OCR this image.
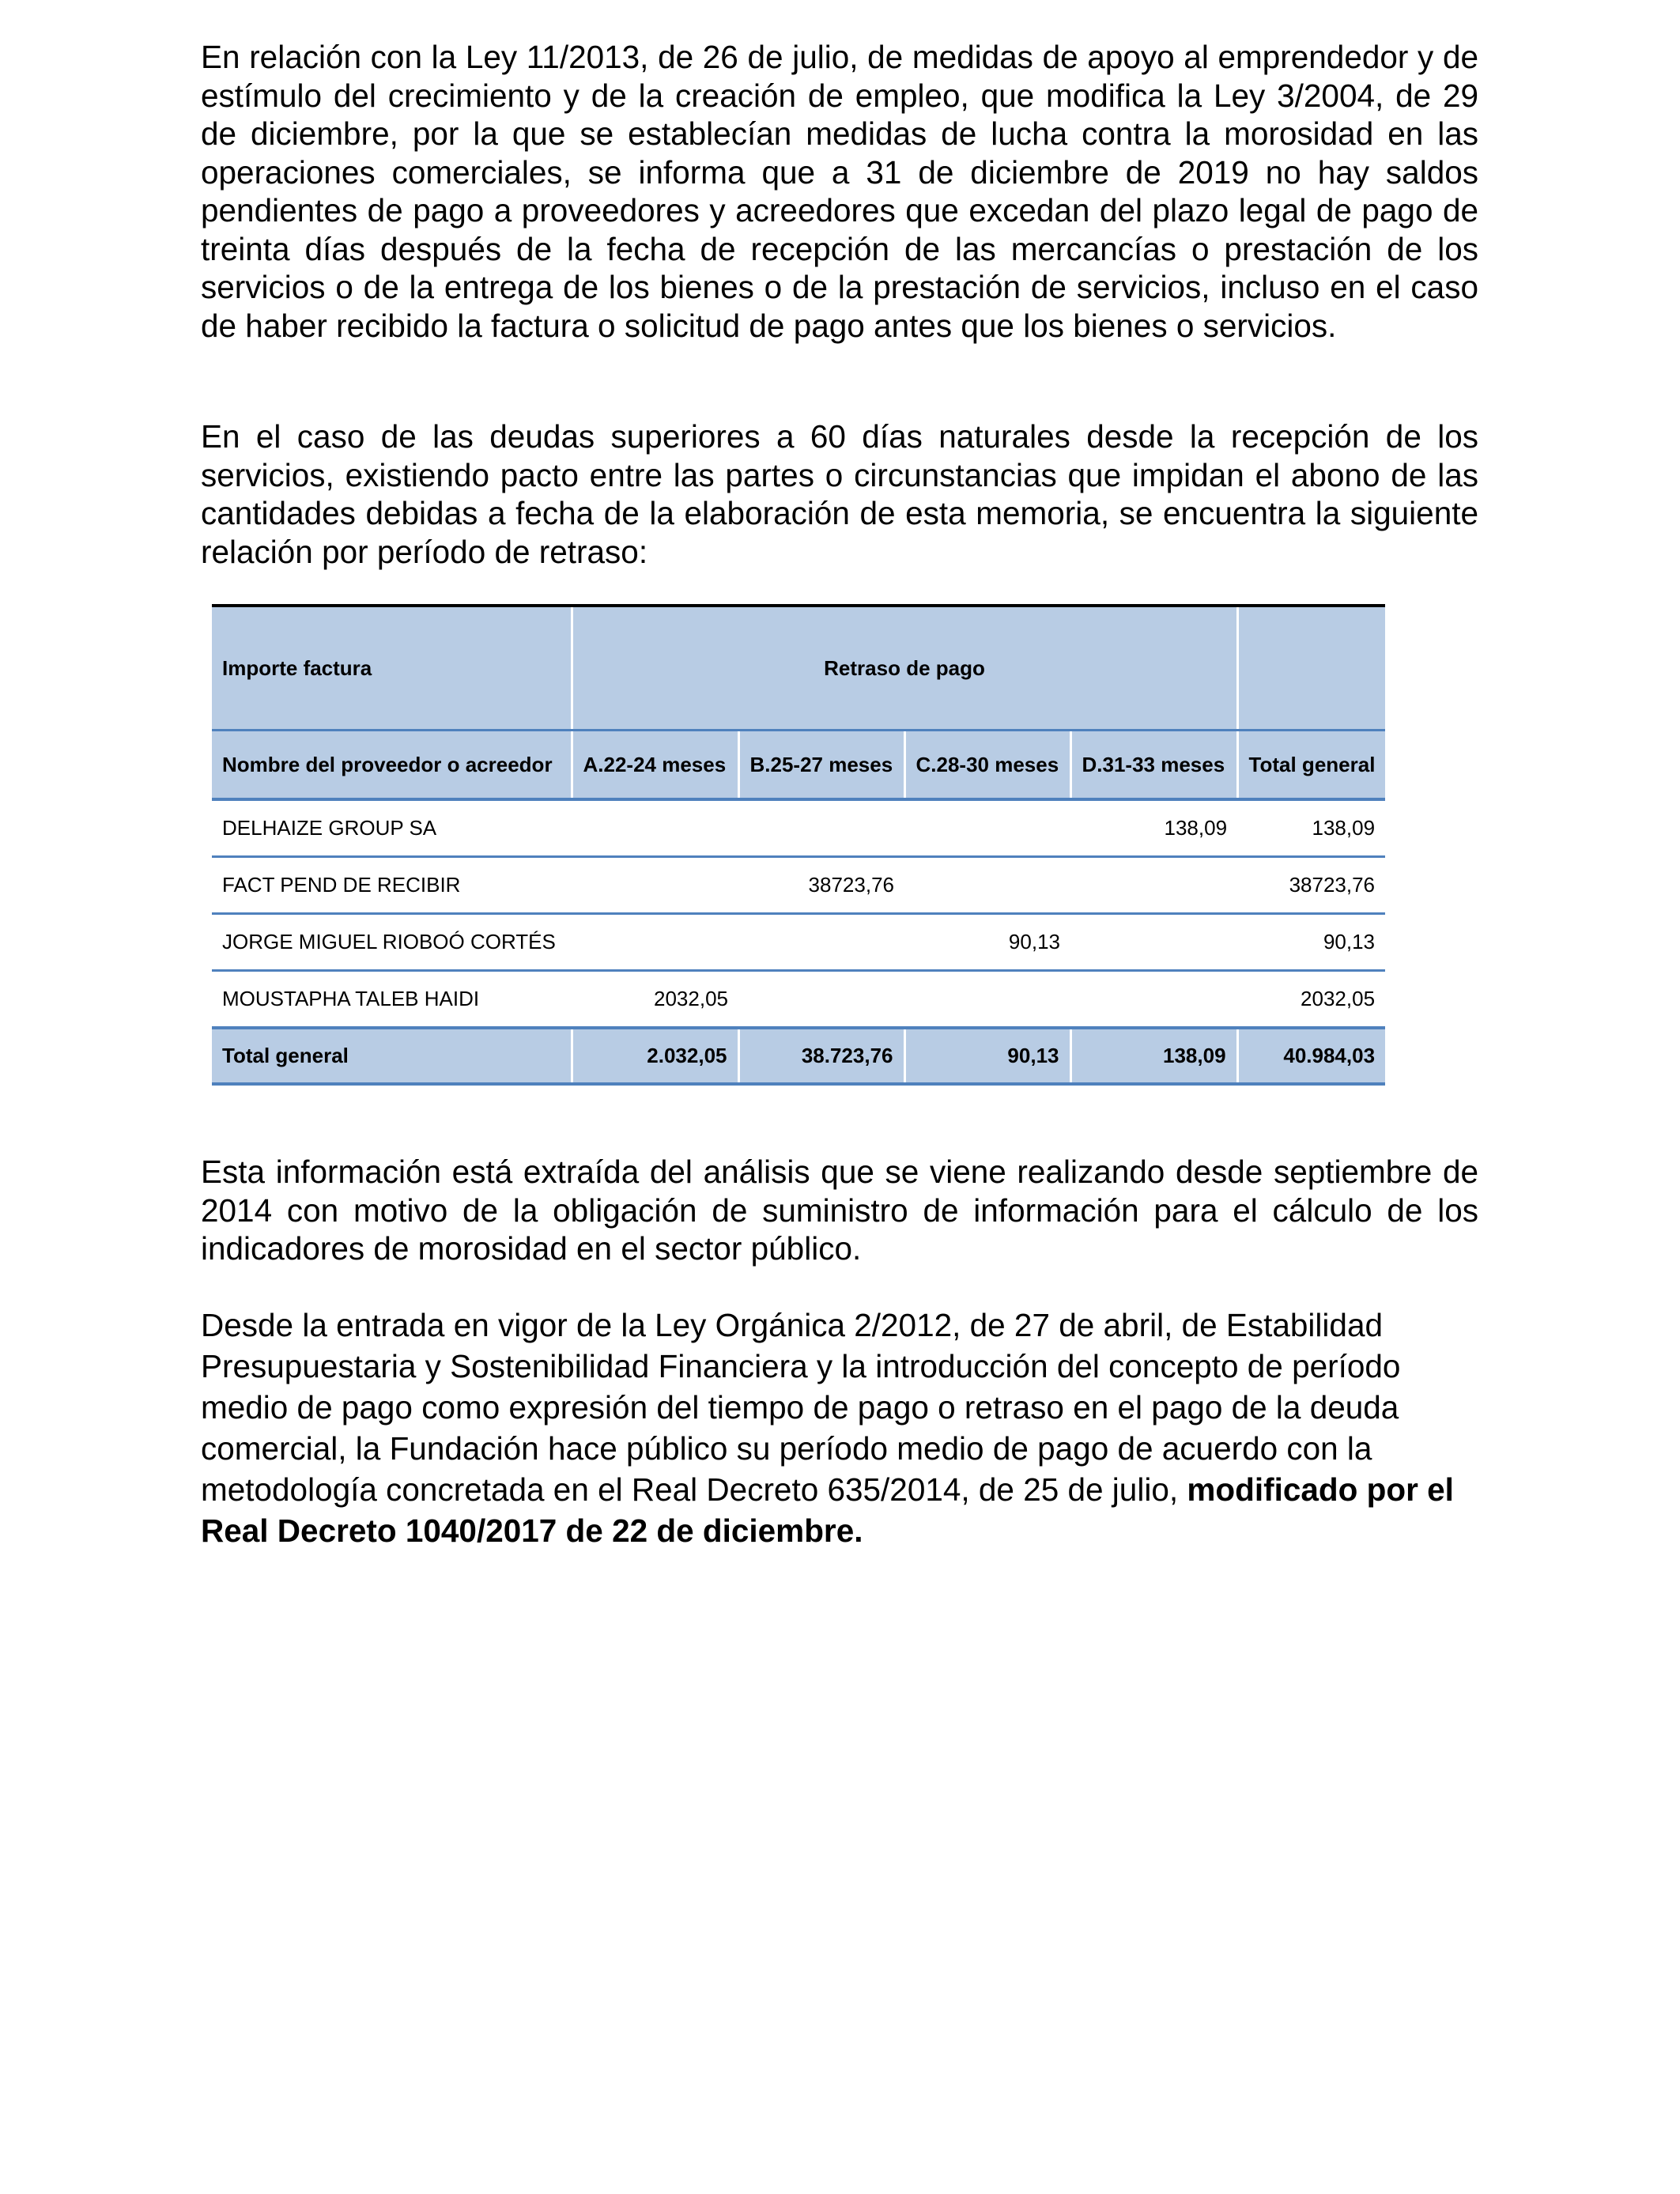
En relación con la Ley 11/2013, de 26 de julio, de medidas de apoyo al emprendedor y de estímulo del crecimiento y de la creación de empleo, que modifica la Ley 3/2004, de 29 de diciembre, por la que se establecían medidas de lucha contra la morosidad en las operaciones comerciales, se informa que a 31 de diciembre de 2019 no hay saldos pendientes de pago a proveedores y acreedores que excedan del plazo legal de pago de treinta días después de la fecha de recepción de las mercancías o prestación de los servicios o de la entrega de los bienes o de la prestación de servicios, incluso en el caso de haber recibido la factura o solicitud de pago antes que los bienes o servicios.

En el caso de las deudas superiores a 60 días naturales desde la recepción de los servicios, existiendo pacto entre las partes o circunstancias que impidan el abono de las cantidades debidas a fecha de la elaboración de esta memoria, se encuentra la siguiente relación por período de retraso:

Importe factura	Retraso de pago				
Nombre del proveedor o acreedor	A.22-24 meses	B.25-27 meses	C.28-30 meses	D.31-33 meses	Total general
DELHAIZE GROUP SA				138,09	138,09
FACT PEND DE RECIBIR		38723,76			38723,76
JORGE MIGUEL RIOBOÓ CORTÉS			90,13		90,13
MOUSTAPHA TALEB HAIDI	2032,05				2032,05
Total general	2.032,05	38.723,76	90,13	138,09	40.984,03

Esta información está extraída del análisis que se viene realizando desde septiembre de 2014 con motivo de la obligación de suministro de información para el cálculo de los indicadores de morosidad en el sector público.

Desde la entrada en vigor de la Ley Orgánica 2/2012, de 27 de abril, de Estabilidad Presupuestaria y Sostenibilidad Financiera y la introducción del concepto de período medio de pago como expresión del tiempo de pago o retraso en el pago de la deuda comercial, la Fundación hace público su período medio de pago de acuerdo con la metodología concretada en el Real Decreto 635/2014, de 25 de julio, modificado por el Real Decreto 1040/2017 de 22 de diciembre.
